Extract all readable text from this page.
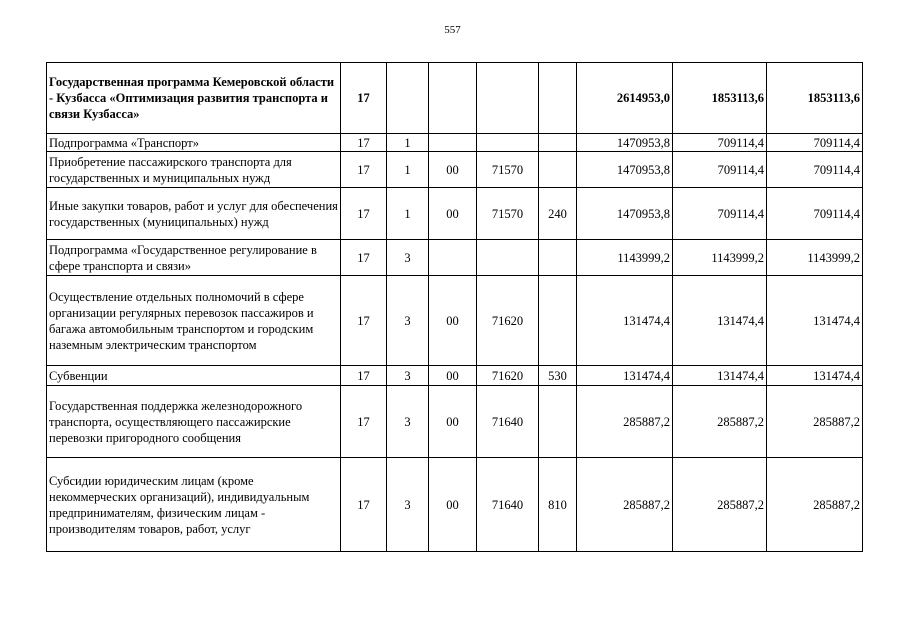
557
Государственная программа Кемеровской области - Кузбасса «Оптимизация развития транспорта и связи Кузбасса»	17					2614953,0	1853113,6	1853113,6
Подпрограмма «Транспорт»	17	1				1470953,8	709114,4	709114,4
Приобретение пассажирского транспорта для государственных и муниципальных нужд	17	1	00	71570		1470953,8	709114,4	709114,4
Иные закупки товаров, работ и услуг для обеспечения государственных (муниципальных) нужд	17	1	00	71570	240	1470953,8	709114,4	709114,4
Подпрограмма «Государственное регулирование в сфере транспорта и связи»	17	3				1143999,2	1143999,2	1143999,2
Осуществление отдельных полномочий в сфере организации регулярных перевозок пассажиров и багажа автомобильным транспортом и городским наземным электрическим транспортом	17	3	00	71620		131474,4	131474,4	131474,4
Субвенции	17	3	00	71620	530	131474,4	131474,4	131474,4
Государственная поддержка железнодорожного транспорта, осуществляющего пассажирские перевозки пригородного сообщения	17	3	00	71640		285887,2	285887,2	285887,2
Субсидии юридическим лицам (кроме некоммерческих организаций), индивидуальным предпринимателям, физическим лицам - производителям товаров, работ, услуг	17	3	00	71640	810	285887,2	285887,2	285887,2
